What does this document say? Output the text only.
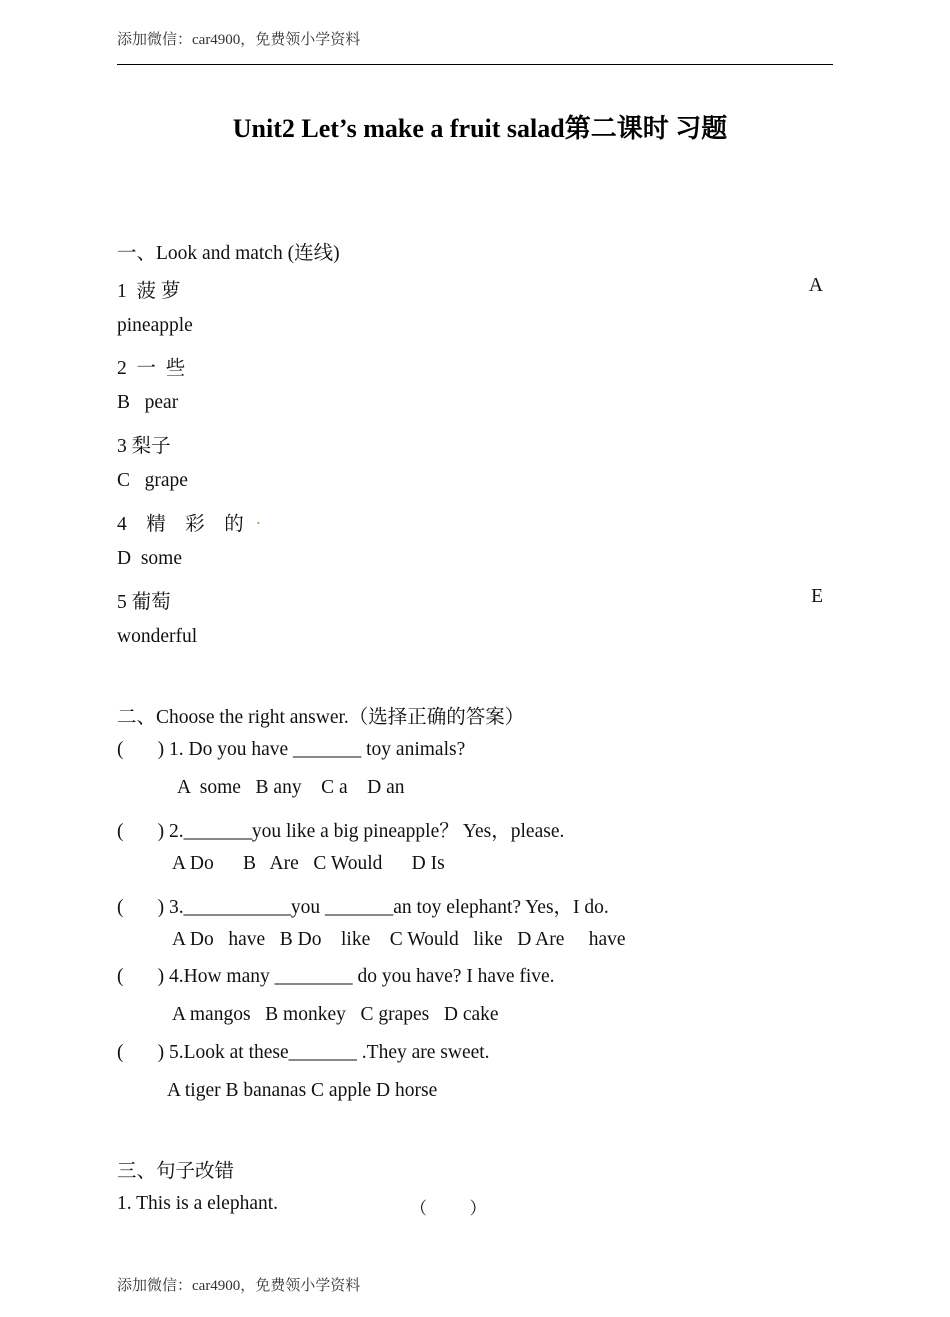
添加微信：car4900，免费领小学资料
Unit2 Let’s make a fruit salad第二课时 习题
一、Look and match (连线)
1  菠 萝	A
pineapple
2  一  些
B   pear
3 梨子
C   grape
4    精    彩    的 .
D  some
5 葡萄	E
wonderful
二、Choose the right answer.（选择正确的答案）
(       ) 1. Do you have _______ toy animals?
A  some   B any    C a    D an
(       ) 2._______you like a big pineapple？ Yes，please.
A Do      B   Are   C Would      D Is
(       ) 3.___________you _______an toy elephant? Yes，I do.
A Do   have   B Do    like    C Would   like   D Are     have
(       ) 4.How many ________ do you have? I have five.
A mangos   B monkey   C grapes   D cake
(       ) 5.Look at these_______ .They are sweet.
A tiger B bananas C apple D horse
三、句子改错
1. This is a elephant.	（          ）
添加微信：car4900，免费领小学资料
